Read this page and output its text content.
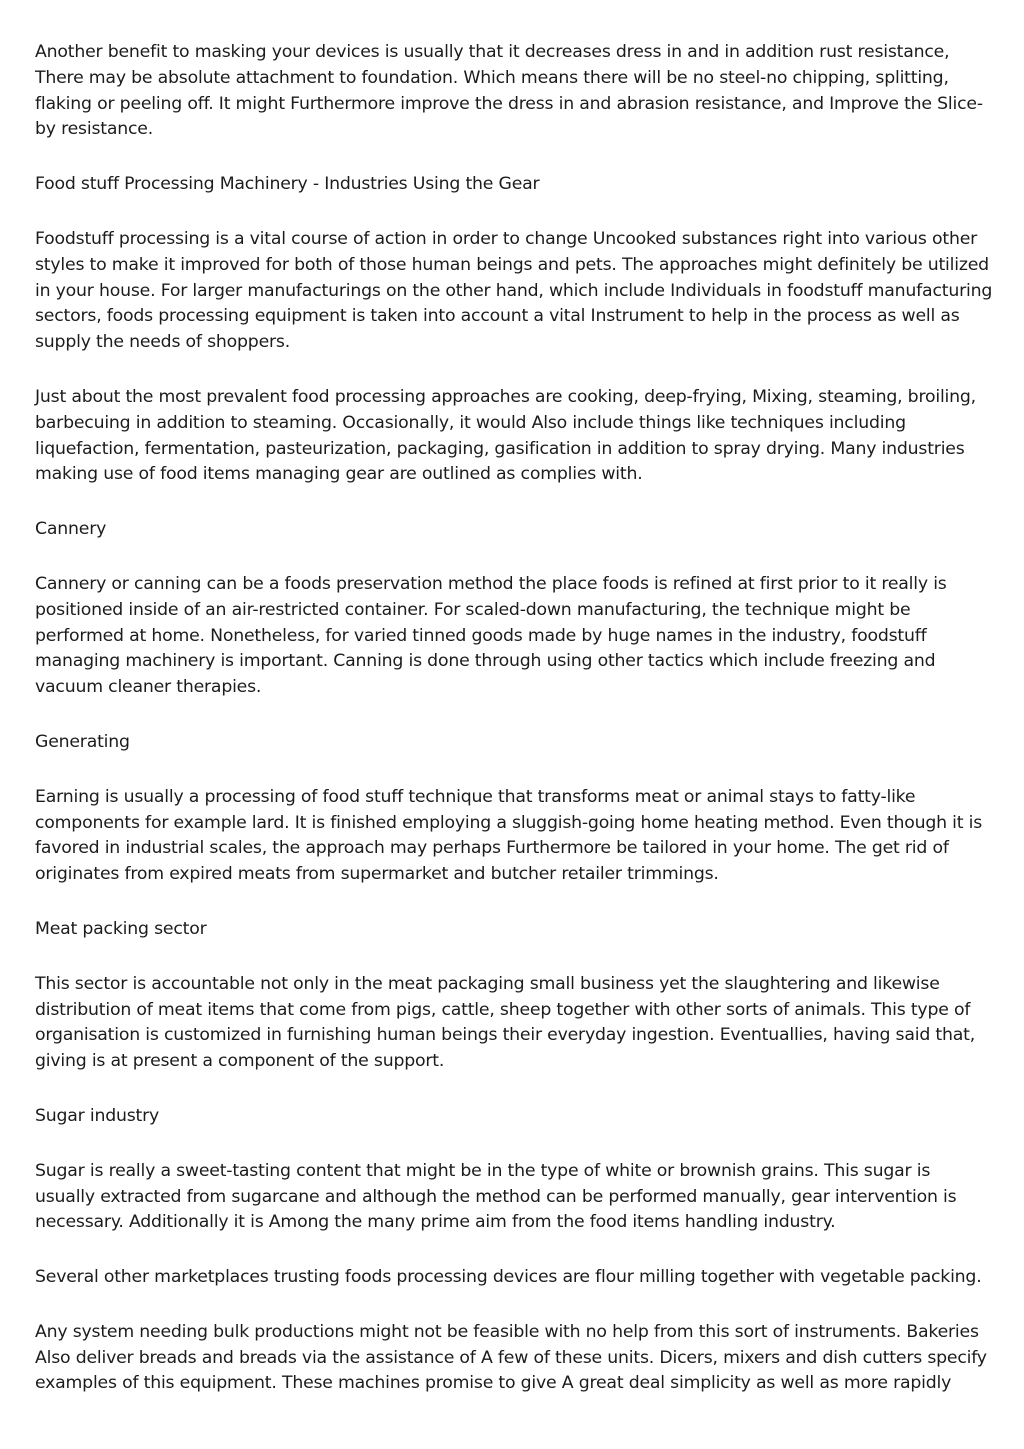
Another benefit to masking your devices is usually that it decreases dress in and in addition rust resistance, There may be absolute attachment to foundation. Which means there will be no steel-no chipping, splitting, flaking or peeling off. It might Furthermore improve the dress in and abrasion resistance, and Improve the Slice-by resistance.

Food stuff Processing Machinery - Industries Using the Gear

Foodstuff processing is a vital course of action in order to change Uncooked substances right into various other styles to make it improved for both of those human beings and pets. The approaches might definitely be utilized in your house. For larger manufacturings on the other hand, which include Individuals in foodstuff manufacturing sectors, foods processing equipment is taken into account a vital Instrument to help in the process as well as supply the needs of shoppers.

Just about the most prevalent food processing approaches are cooking, deep-frying, Mixing, steaming, broiling, barbecuing in addition to steaming. Occasionally, it would Also include things like techniques including liquefaction, fermentation, pasteurization, packaging, gasification in addition to spray drying. Many industries making use of food items managing gear are outlined as complies with.

Cannery

Cannery or canning can be a foods preservation method the place foods is refined at first prior to it really is positioned inside of an air-restricted container. For scaled-down manufacturing, the technique might be performed at home. Nonetheless, for varied tinned goods made by huge names in the industry, foodstuff managing machinery is important. Canning is done through using other tactics which include freezing and vacuum cleaner therapies.

Generating

Earning is usually a processing of food stuff technique that transforms meat or animal stays to fatty-like components for example lard. It is finished employing a sluggish-going home heating method. Even though it is favored in industrial scales, the approach may perhaps Furthermore be tailored in your home. The get rid of originates from expired meats from supermarket and butcher retailer trimmings.

Meat packing sector

This sector is accountable not only in the meat packaging small business yet the slaughtering and likewise distribution of meat items that come from pigs, cattle, sheep together with other sorts of animals. This type of organisation is customized in furnishing human beings their everyday ingestion. Eventuallies, having said that, giving is at present a component of the support.

Sugar industry

Sugar is really a sweet-tasting content that might be in the type of white or brownish grains. This sugar is usually extracted from sugarcane and although the method can be performed manually, gear intervention is necessary. Additionally it is Among the many prime aim from the food items handling industry.

Several other marketplaces trusting foods processing devices are flour milling together with vegetable packing.

Any system needing bulk productions might not be feasible with no help from this sort of instruments. Bakeries Also deliver breads and breads via the assistance of A few of these units. Dicers, mixers and dish cutters specify examples of this equipment. These machines promise to give A great deal simplicity as well as more rapidly
